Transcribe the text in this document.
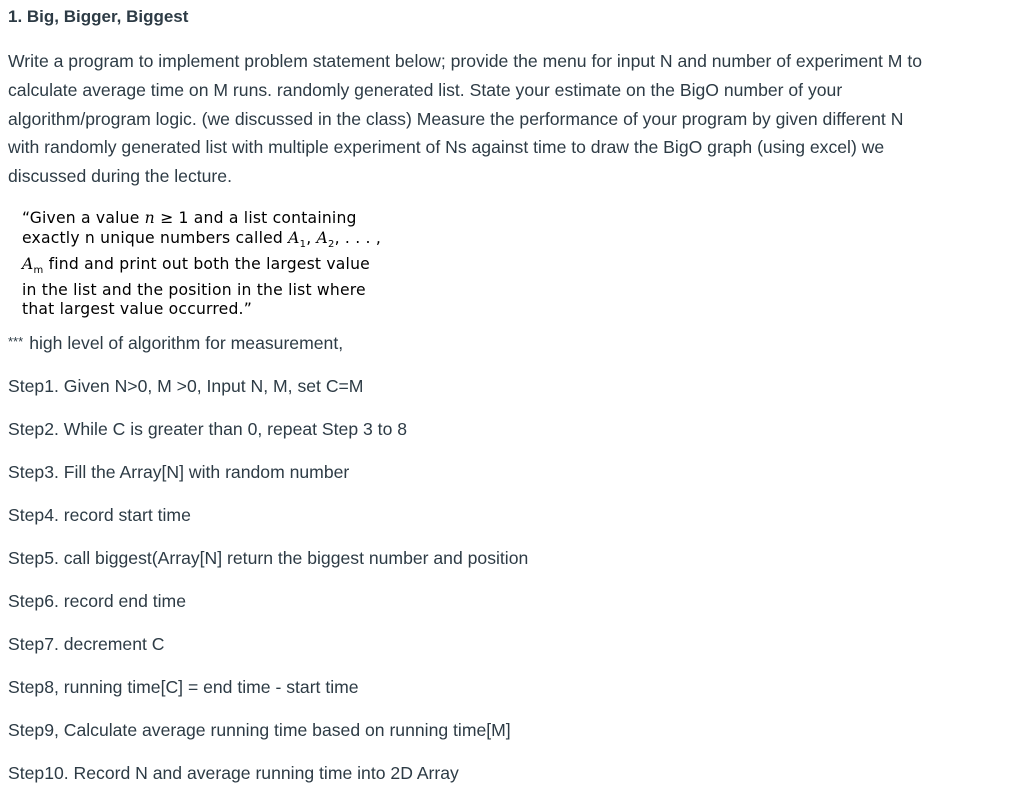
1. Big, Bigger, Biggest
Write a program to implement problem statement below; provide the menu for input N and number of experiment M to
calculate average time on M runs. randomly generated list. State your estimate on the BigO number of your
algorithm/program logic. (we discussed in the class) Measure the performance of your program by given different N
with randomly generated list with multiple experiment of Ns against time to draw the BigO graph (using excel) we
discussed during the lecture.
“Given a value n ≥ 1 and a list containing
exactly n unique numbers called $A_1$, $A_2$, . . . ,
$A_m$ find and print out both the largest value
in the list and the position in the list where
that largest value occurred.”
*** high level of algorithm for measurement,
Step1. Given N>0, M >0, Input N, M, set C=M
Step2. While C is greater than 0, repeat Step 3 to 8
Step3. Fill the Array[N] with random number
Step4. record start time
Step5. call biggest(Array[N] return the biggest number and position
Step6. record end time
Step7. decrement C
Step8, running time[C] = end time - start time
Step9, Calculate average running time based on running time[M]
Step10. Record N and average running time into 2D Array
